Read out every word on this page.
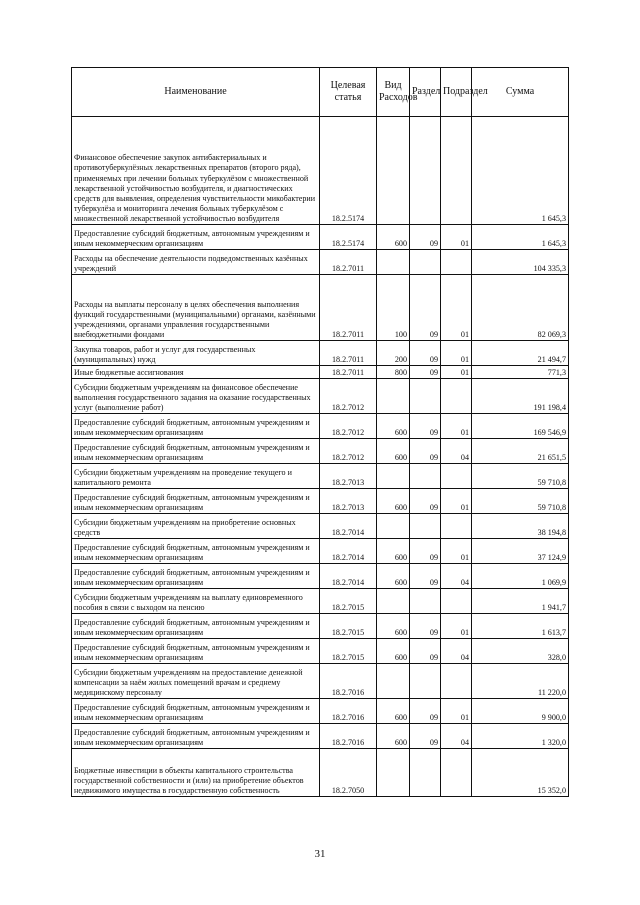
Наименование	Целевая статья	Вид Расходов	Раздел	Подраздел	Сумма
Финансовое обеспечение закупок антибактериальных и противотуберкулёзных лекарственных препаратов (второго ряда), применяемых при лечении больных туберкулёзом с множественной лекарственной устойчивостью возбудителя, и диагностических средств для выявления, определения чувствительности микобактерии туберкулёза и мониторинга лечения больных туберкулёзом с множественной лекарственной устойчивостью возбудителя	18.2.5174				1 645,3
Предоставление субсидий бюджетным, автономным учреждениям и иным некоммерческим организациям	18.2.5174	600	09	01	1 645,3
Расходы на обеспечение деятельности подведомственных казённых учреждений	18.2.7011				104 335,3
Расходы на выплаты персоналу в целях обеспечения выполнения функций государственными (муниципальными) органами, казёнными учреждениями, органами управления государственными внебюджетными фондами	18.2.7011	100	09	01	82 069,3
Закупка товаров, работ и услуг для государственных (муниципальных) нужд	18.2.7011	200	09	01	21 494,7
Иные бюджетные ассигнования	18.2.7011	800	09	01	771,3
Субсидии бюджетным учреждениям на финансовое обеспечение выполнения государственного задания на оказание государственных услуг (выполнение работ)	18.2.7012				191 198,4
Предоставление субсидий бюджетным, автономным учреждениям и иным некоммерческим организациям	18.2.7012	600	09	01	169 546,9
Предоставление субсидий бюджетным, автономным учреждениям и иным некоммерческим организациям	18.2.7012	600	09	04	21 651,5
Субсидии бюджетным учреждениям на проведение текущего и капитального ремонта	18.2.7013				59 710,8
Предоставление субсидий бюджетным, автономным учреждениям и иным некоммерческим организациям	18.2.7013	600	09	01	59 710,8
Субсидии бюджетным учреждениям на приобретение основных средств	18.2.7014				38 194,8
Предоставление субсидий бюджетным, автономным учреждениям и иным некоммерческим организациям	18.2.7014	600	09	01	37 124,9
Предоставление субсидий бюджетным, автономным учреждениям и иным некоммерческим организациям	18.2.7014	600	09	04	1 069,9
Субсидии бюджетным учреждениям на выплату единовременного пособия в связи с выходом на пенсию	18.2.7015				1 941,7
Предоставление субсидий бюджетным, автономным учреждениям и иным некоммерческим организациям	18.2.7015	600	09	01	1 613,7
Предоставление субсидий бюджетным, автономным учреждениям и иным некоммерческим организациям	18.2.7015	600	09	04	328,0
Субсидии бюджетным учреждениям на предоставление денежной компенсации за наём жилых помещений врачам и среднему медицинскому персоналу	18.2.7016				11 220,0
Предоставление субсидий бюджетным, автономным учреждениям и иным некоммерческим организациям	18.2.7016	600	09	01	9 900,0
Предоставление субсидий бюджетным, автономным учреждениям и иным некоммерческим организациям	18.2.7016	600	09	04	1 320,0
Бюджетные инвестиции в объекты капитального строительства государственной собственности и (или) на приобретение объектов недвижимого имущества в государственную собственность	18.2.7050				15 352,0
31
